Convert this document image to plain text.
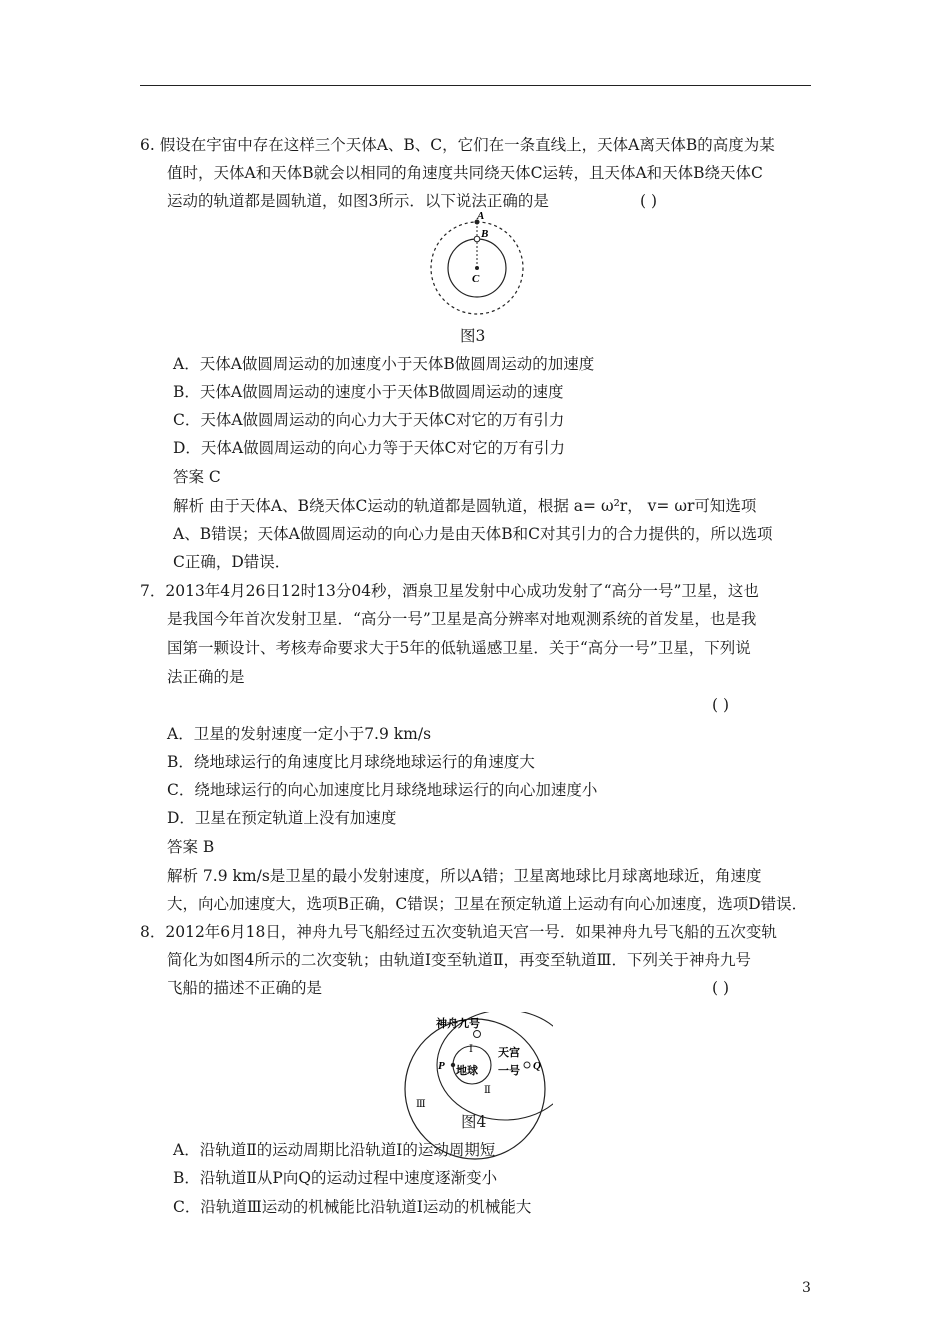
6. 假设在宇宙中存在这样三个天体A、B、C，它们在一条直线上，天体A离天体B的高度为某
值时，天体A和天体B就会以相同的角速度共同绕天体C运转，且天体A和天体B绕天体C
运动的轨道都是圆轨道，如图3所示．以下说法正确的是	( )
A
B
C
图3
A．天体A做圆周运动的加速度小于天体B做圆周运动的加速度
B．天体A做圆周运动的速度小于天体B做圆周运动的速度
C．天体A做圆周运动的向心力大于天体C对它的万有引力
D．天体A做圆周运动的向心力等于天体C对它的万有引力
答案 C
解析 由于天体A、B绕天体C运动的轨道都是圆轨道，根据 a= ω²r， v= ωr可知选项
A、B错误；天体A做圆周运动的向心力是由天体B和C对其引力的合力提供的，所以选项
C正确，D错误．
7．2013年4月26日12时13分04秒，酒泉卫星发射中心成功发射了“高分一号”卫星，这也
是我国今年首次发射卫星．“高分一号”卫星是高分辨率对地观测系统的首发星，也是我
国第一颗设计、考核寿命要求大于5年的低轨遥感卫星．关于“高分一号”卫星，下列说
法正确的是
( )
A．卫星的发射速度一定小于7.9 km/s
B．绕地球运行的角速度比月球绕地球运行的角速度大
C．绕地球运行的向心加速度比月球绕地球运行的向心加速度小
D．卫星在预定轨道上没有加速度
答案 B
解析 7.9 km/s是卫星的最小发射速度，所以A错；卫星离地球比月球离地球近，角速度
大，向心加速度大，选项B正确，C错误；卫星在预定轨道上运动有向心加速度，选项D错误．
8．2012年6月18日，神舟九号飞船经过五次变轨追天宫一号．如果神舟九号飞船的五次变轨
简化为如图4所示的二次变轨；由轨道Ⅰ变至轨道Ⅱ，再变至轨道Ⅲ．下列关于神舟九号
飞船的描述不正确的是	( )
神舟九号
Ⅰ
地球
天宫
一号
Ⅱ
Ⅲ
P	Q
图4
A．沿轨道Ⅱ的运动周期比沿轨道Ⅰ的运动周期短
B．沿轨道Ⅱ从P向Q的运动过程中速度逐渐变小
C．沿轨道Ⅲ运动的机械能比沿轨道Ⅰ运动的机械能大
3
